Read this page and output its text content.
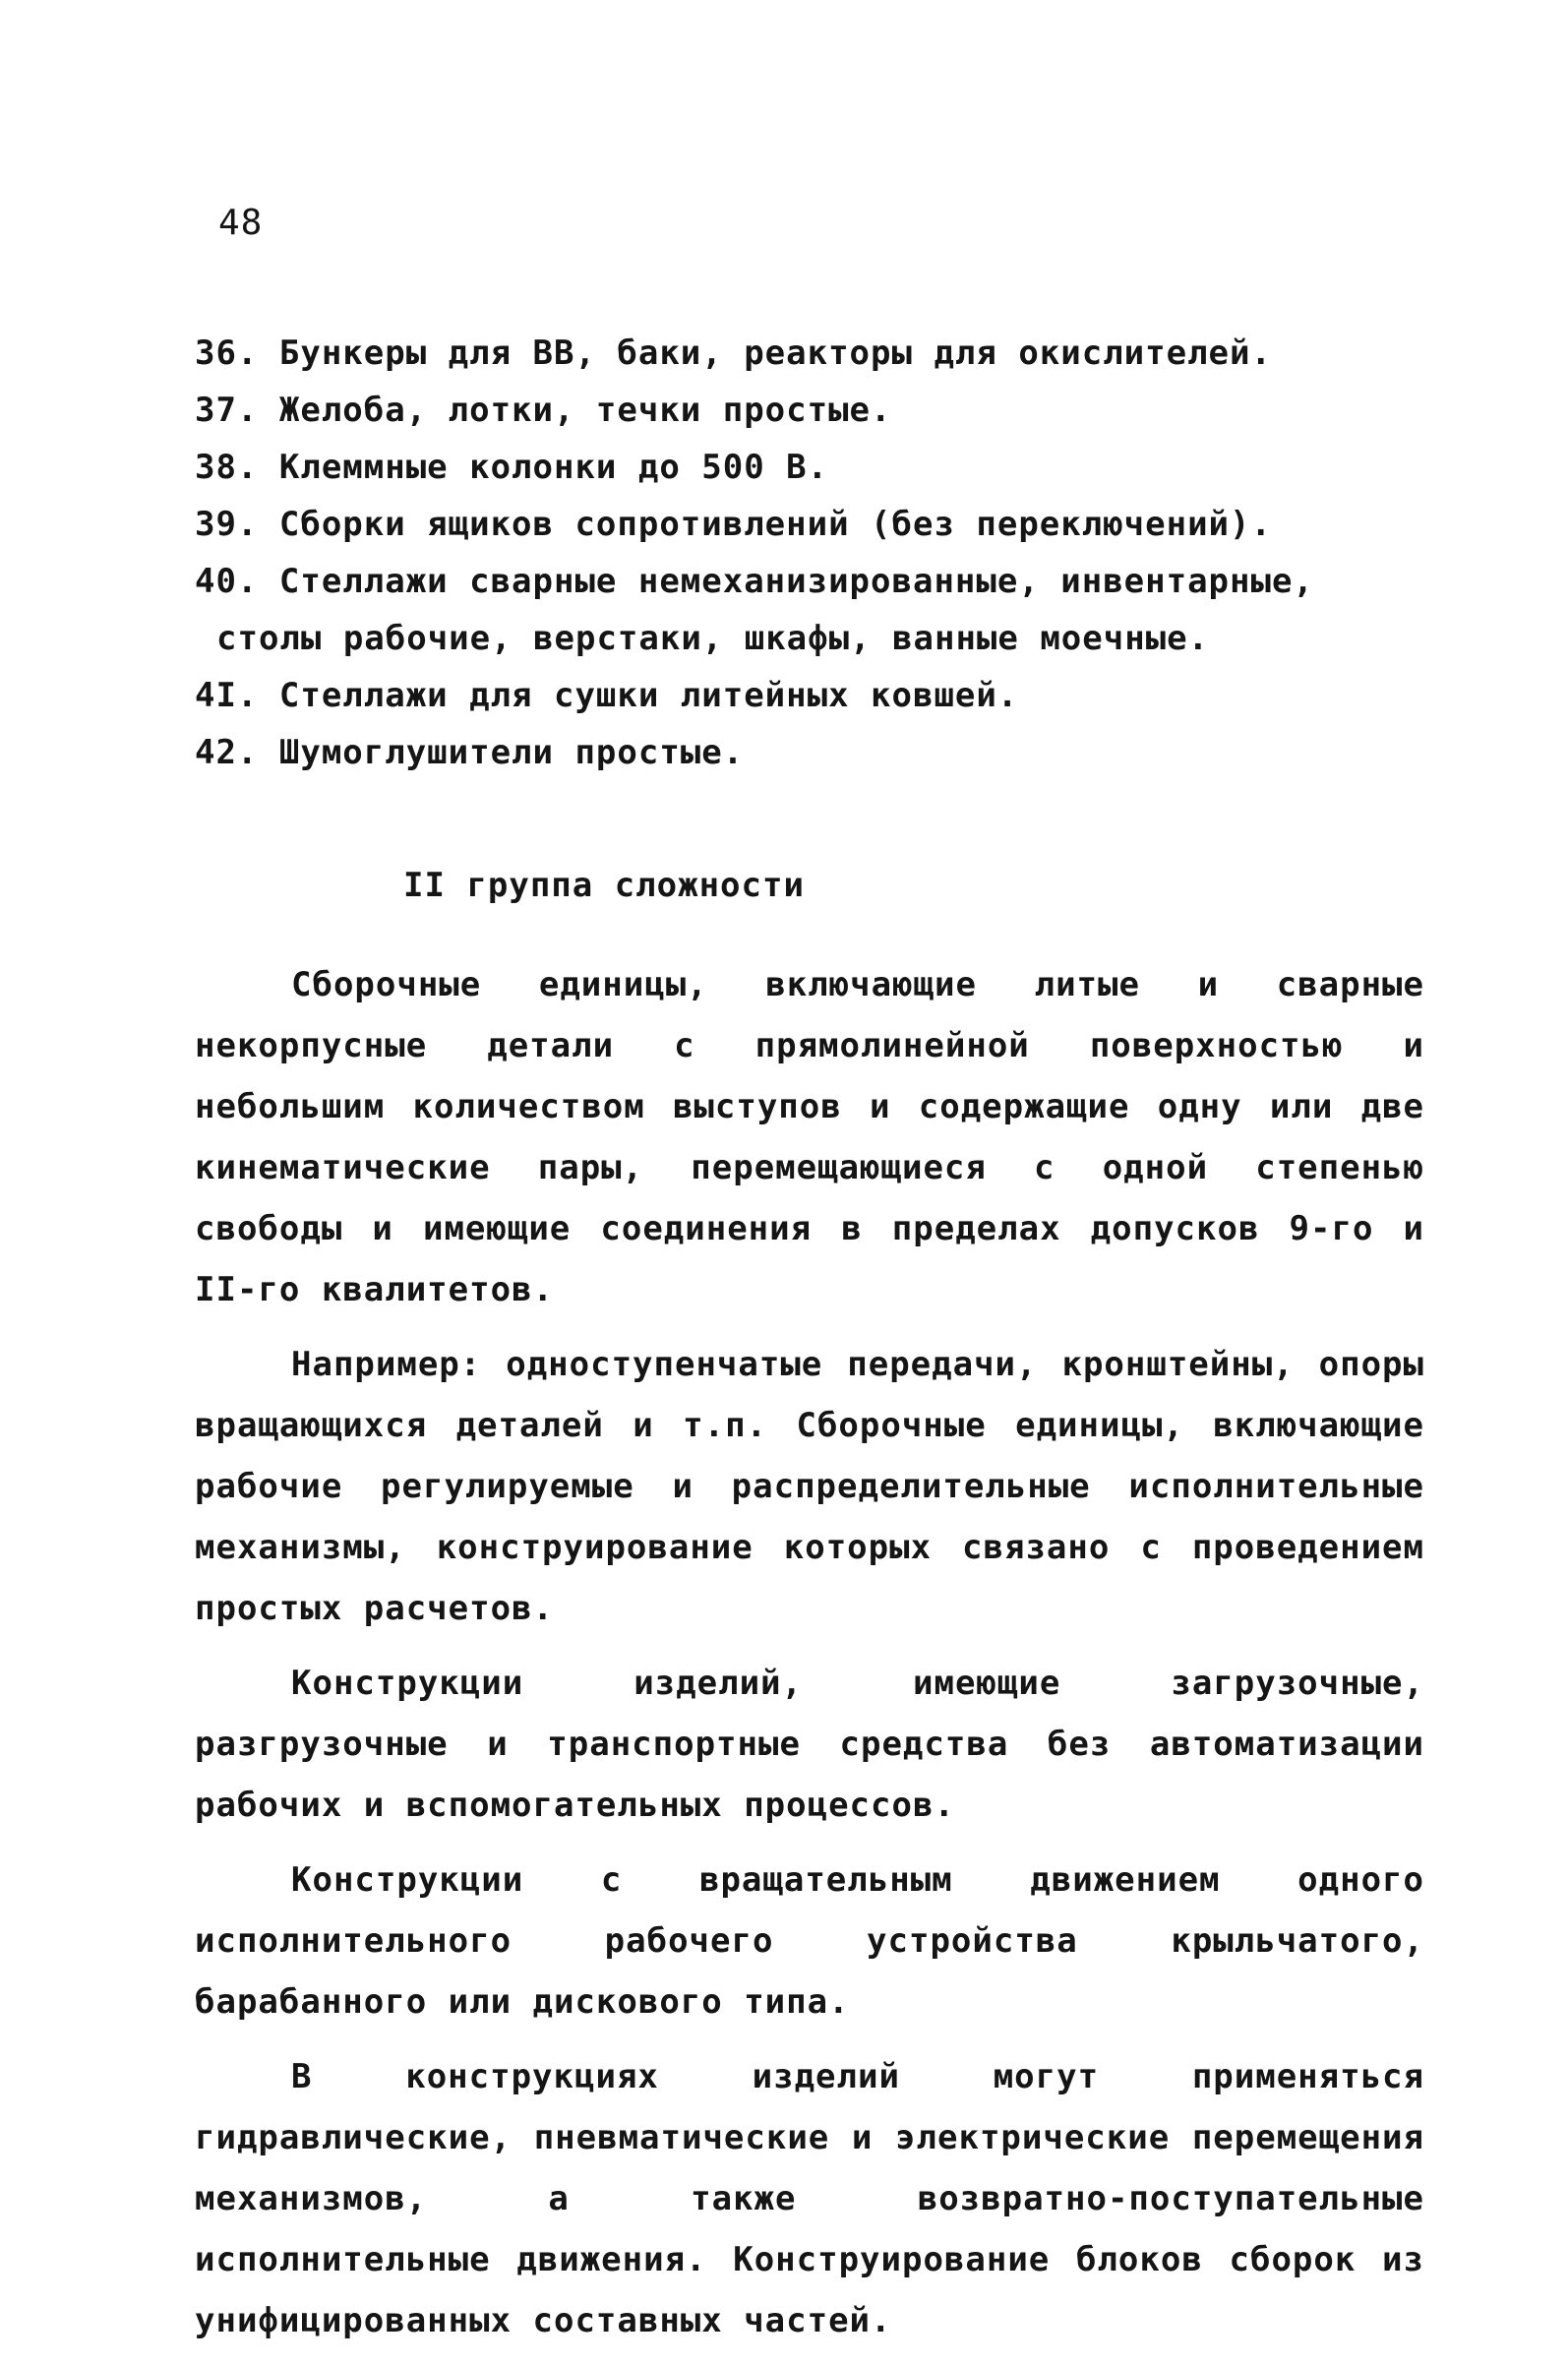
48
36. Бункеры для ВВ, баки, реакторы для окислителей.
37. Желоба, лотки, течки простые.
38. Клеммные колонки до 500 В.
39. Сборки ящиков сопротивлений (без переключений).
40. Стеллажи сварные немеханизированные, инвентарные,
столы рабочие, верстаки, шкафы, ванные моечные.
4I. Стеллажи для сушки литейных ковшей.
42. Шумоглушители простые.
II группа сложности

Сборочные единицы, включающие литые и сварные некорпусные детали с прямолинейной поверхностью и небольшим количеством выступов и содержащие одну или две кинематические пары, перемещающиеся с одной степенью свободы и имеющие соединения в пределах допусков 9-го и II-го квалитетов.

Например: одноступенчатые передачи, кронштейны, опоры вращающихся деталей и т.п. Сборочные единицы, включающие рабочие регулируемые и распределительные исполнительные механизмы, конструирование которых связано с проведением простых расчетов.

Конструкции изделий, имеющие загрузочные, разгрузочные и транспортные средства без автоматизации рабочих и вспомогательных процессов.

Конструкции с вращательным движением одного исполнительного рабочего устройства крыльчатого, барабанного или дискового типа.

В конструкциях изделий могут применяться гидравлические, пневматические и электрические перемещения механизмов, а также возвратно-поступательные исполнительные движения. Конструирование блоков сборок из унифицированных составных частей.
